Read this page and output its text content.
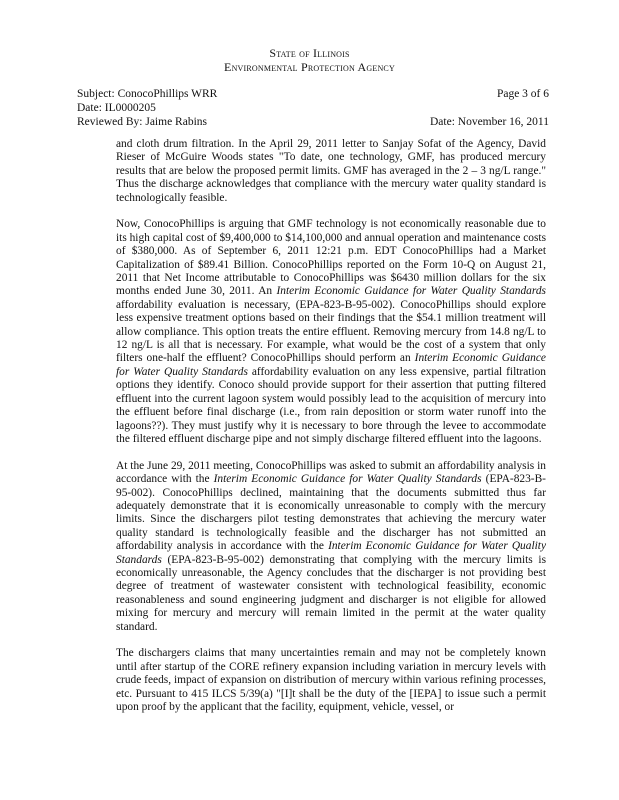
State of Illinois
Environmental Protection Agency
Subject: ConocoPhillips WRR	Page 3 of 6
Date: IL0000205
Reviewed By: Jaime Rabins	Date: November 16, 2011

and cloth drum filtration. In the April 29, 2011 letter to Sanjay Sofat of the Agency, David Rieser of McGuire Woods states "To date, one technology, GMF, has produced mercury results that are below the proposed permit limits. GMF has averaged in the 2 – 3 ng/L range." Thus the discharge acknowledges that compliance with the mercury water quality standard is technologically feasible.

Now, ConocoPhillips is arguing that GMF technology is not economically reasonable due to its high capital cost of $9,400,000 to $14,100,000 and annual operation and maintenance costs of $380,000. As of September 6, 2011 12:21 p.m. EDT ConocoPhillips had a Market Capitalization of $89.41 Billion. ConocoPhillips reported on the Form 10-Q on August 21, 2011 that Net Income attributable to ConocoPhillips was $6430 million dollars for the six months ended June 30, 2011. An Interim Economic Guidance for Water Quality Standards affordability evaluation is necessary, (EPA-823-B-95-002). ConocoPhillips should explore less expensive treatment options based on their findings that the $54.1 million treatment will allow compliance. This option treats the entire effluent. Removing mercury from 14.8 ng/L to 12 ng/L is all that is necessary. For example, what would be the cost of a system that only filters one-half the effluent? ConocoPhillips should perform an Interim Economic Guidance for Water Quality Standards affordability evaluation on any less expensive, partial filtration options they identify. Conoco should provide support for their assertion that putting filtered effluent into the current lagoon system would possibly lead to the acquisition of mercury into the effluent before final discharge (i.e., from rain deposition or storm water runoff into the lagoons??). They must justify why it is necessary to bore through the levee to accommodate the filtered effluent discharge pipe and not simply discharge filtered effluent into the lagoons.

At the June 29, 2011 meeting, ConocoPhillips was asked to submit an affordability analysis in accordance with the Interim Economic Guidance for Water Quality Standards (EPA-823-B-95-002). ConocoPhillips declined, maintaining that the documents submitted thus far adequately demonstrate that it is economically unreasonable to comply with the mercury limits. Since the dischargers pilot testing demonstrates that achieving the mercury water quality standard is technologically feasible and the discharger has not submitted an affordability analysis in accordance with the Interim Economic Guidance for Water Quality Standards (EPA-823-B-95-002) demonstrating that complying with the mercury limits is economically unreasonable, the Agency concludes that the discharger is not providing best degree of treatment of wastewater consistent with technological feasibility, economic reasonableness and sound engineering judgment and discharger is not eligible for allowed mixing for mercury and mercury will remain limited in the permit at the water quality standard.

The dischargers claims that many uncertainties remain and may not be completely known until after startup of the CORE refinery expansion including variation in mercury levels with crude feeds, impact of expansion on distribution of mercury within various refining processes, etc. Pursuant to 415 ILCS 5/39(a) "[I]t shall be the duty of the [IEPA] to issue such a permit upon proof by the applicant that the facility, equipment, vehicle, vessel, or
